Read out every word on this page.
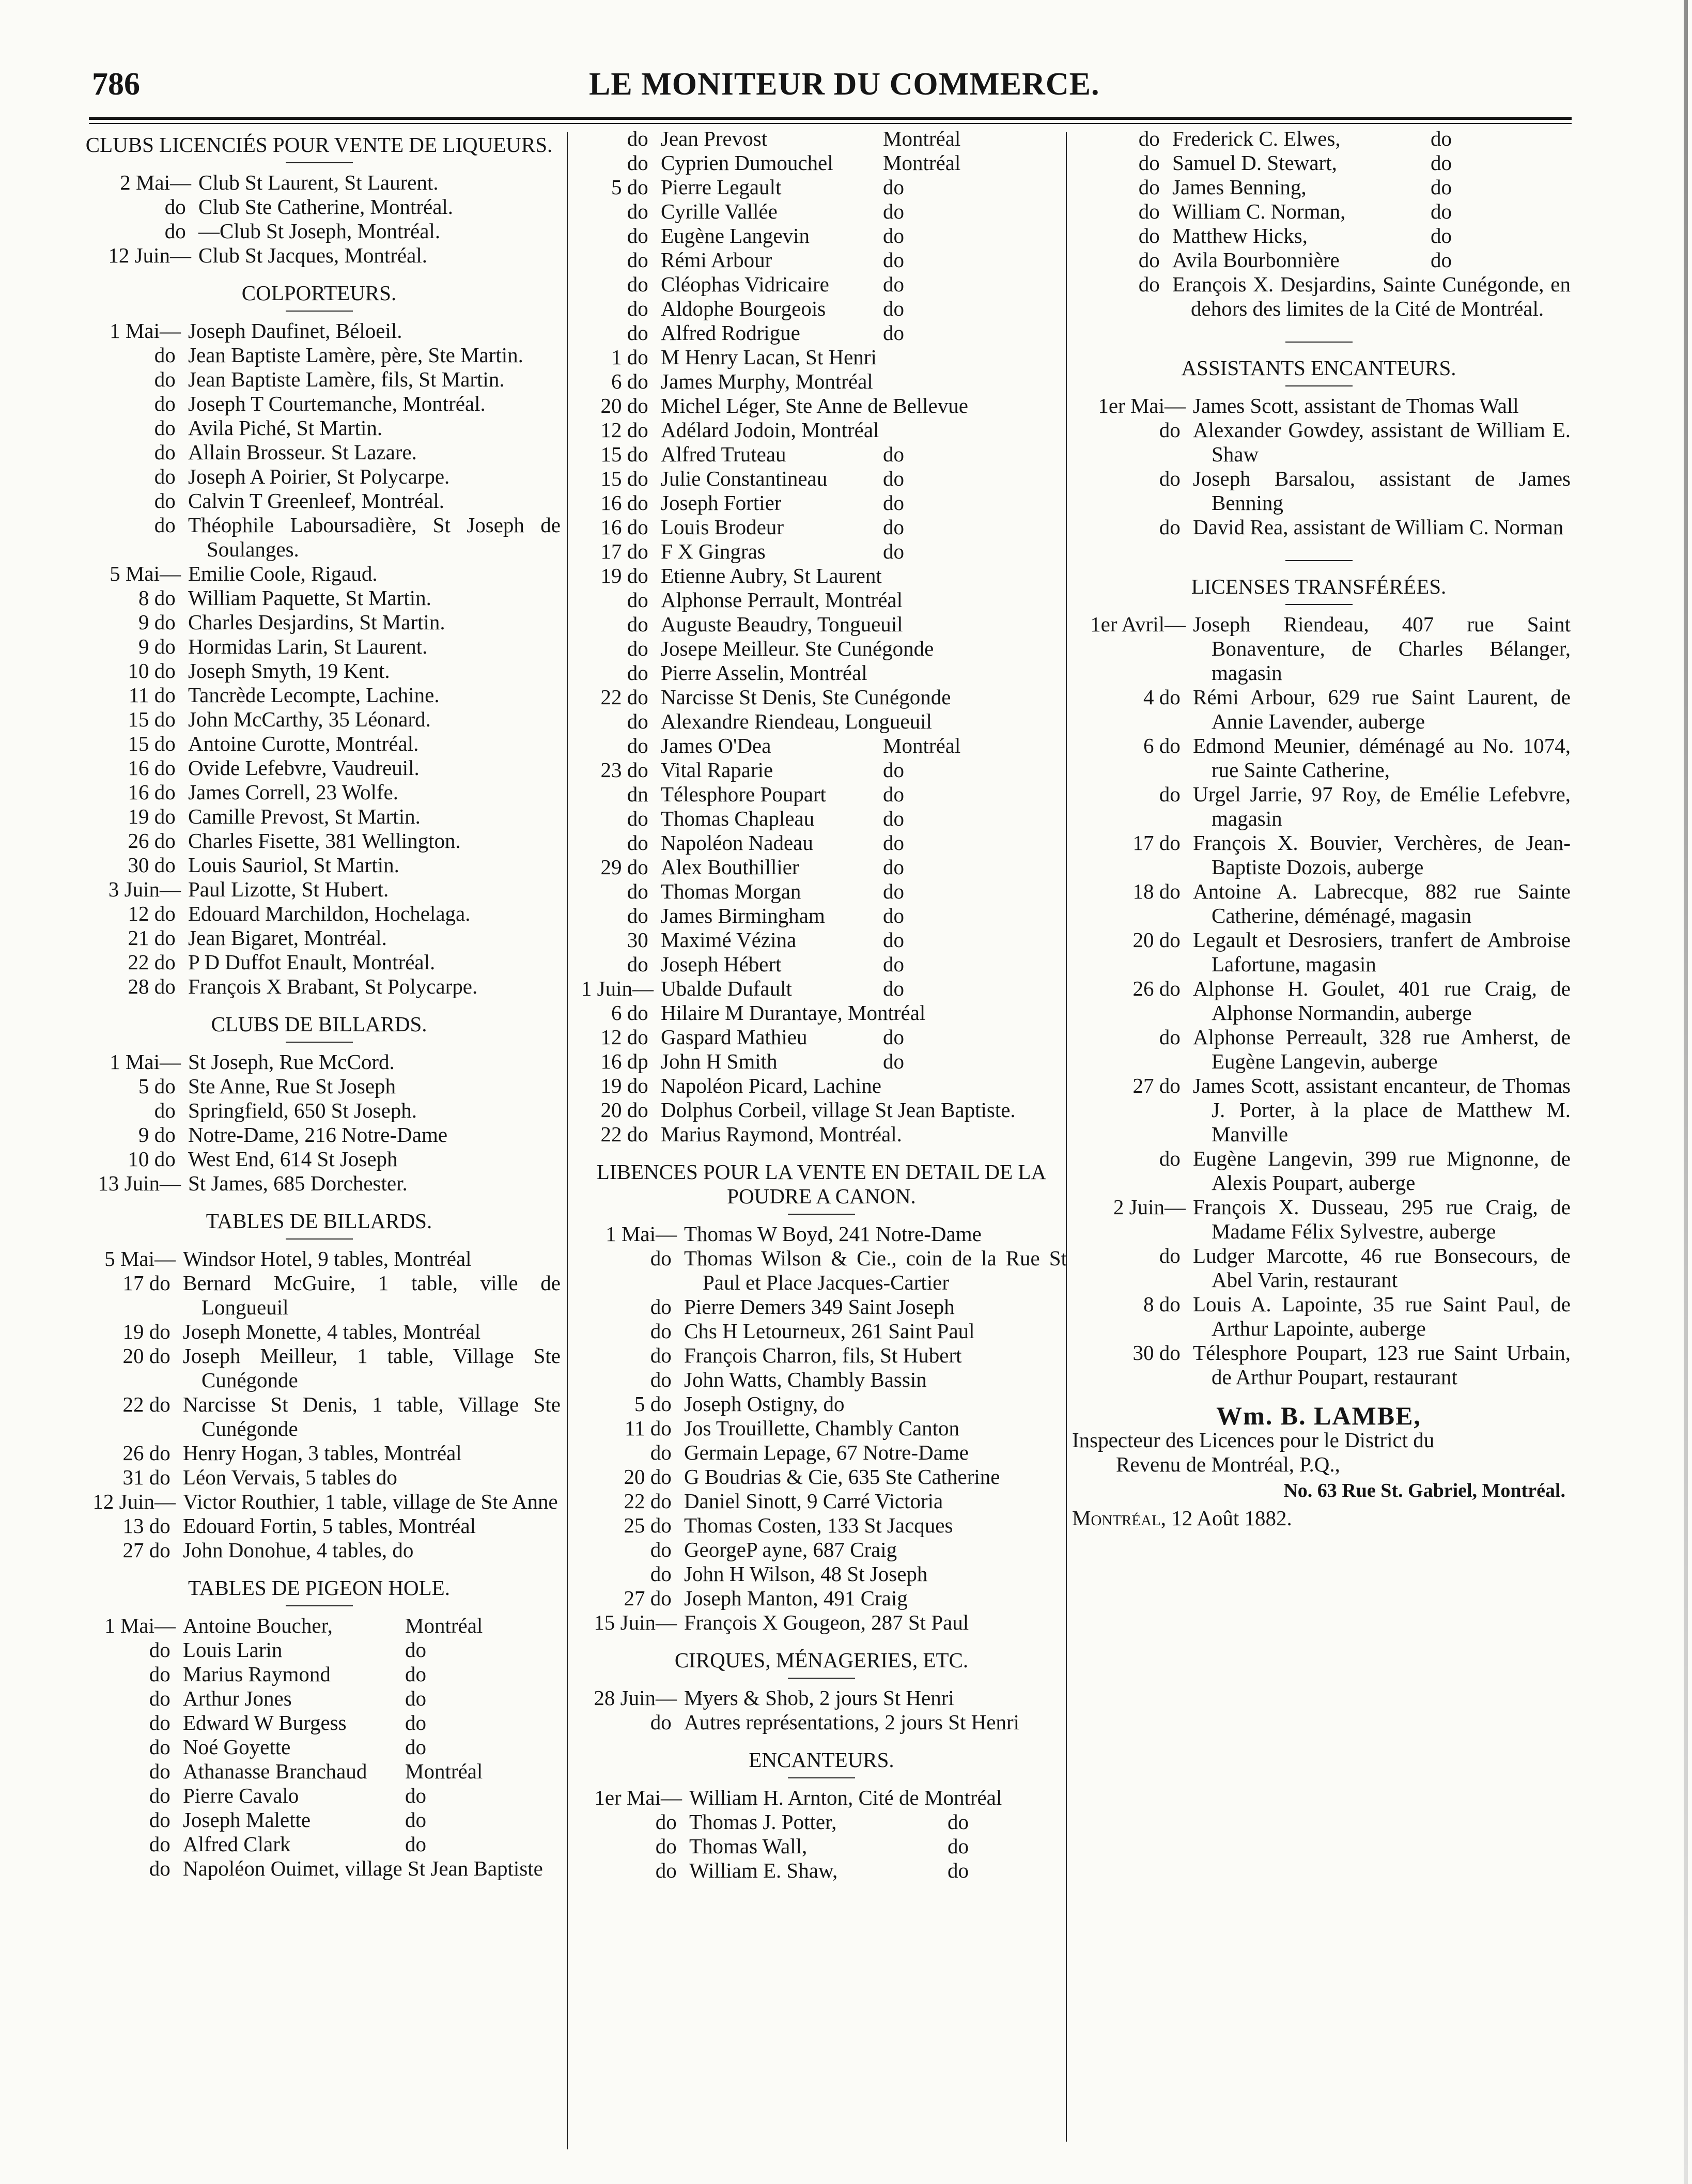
786	LE MONITEUR DU COMMERCE.
CLUBS LICENCIÉS POUR VENTE DE LIQUEURS.
2 Mai— Club St Laurent, St Laurent.
do Club Ste Catherine, Montréal.
do —Club St Joseph, Montréal.
12 Juin— Club St Jacques, Montréal.
COLPORTEURS.
1 Mai— Joseph Daufinet, Béloeil.
do Jean Baptiste Lamère, père, Ste Martin.
do Jean Baptiste Lamère, fils, St Martin.
do Joseph T Courtemanche, Montréal.
do Avila Piché, St Martin.
do Allain Brosseur. St Lazare.
do Joseph A Poirier, St Polycarpe.
do Calvin T Greenleef, Montréal.
do Théophile Laboursadière, St Joseph de Soulanges.
5 Mai— Emilie Coole, Rigaud.
8 do William Paquette, St Martin.
9 do Charles Desjardins, St Martin.
9 do Hormidas Larin, St Laurent.
10 do Joseph Smyth, 19 Kent.
11 do Tancrède Lecompte, Lachine.
15 do John McCarthy, 35 Léonard.
15 do Antoine Curotte, Montréal.
16 do Ovide Lefebvre, Vaudreuil.
16 do James Correll, 23 Wolfe.
19 do Camille Prevost, St Martin.
26 do Charles Fisette, 381 Wellington.
30 do Louis Sauriol, St Martin.
3 Juin— Paul Lizotte, St Hubert.
12 do Edouard Marchildon, Hochelaga.
21 do Jean Bigaret, Montréal.
22 do P D Duffot Enault, Montréal.
28 do François X Brabant, St Polycarpe.
CLUBS DE BILLARDS.
1 Mai— St Joseph, Rue McCord.
5 do Ste Anne, Rue St Joseph
do Springfield, 650 St Joseph.
9 do Notre-Dame, 216 Notre-Dame
10 do West End, 614 St Joseph
13 Juin— St James, 685 Dorchester.
TABLES DE BILLARDS.
5 Mai— Windsor Hotel, 9 tables, Montréal
17 do Bernard McGuire, 1 table, ville de Longueuil
19 do Joseph Monette, 4 tables, Montréal
20 do Joseph Meilleur, 1 table, Village Ste Cunégonde
22 do Narcisse St Denis, 1 table, Village Ste Cunégonde
26 do Henry Hogan, 3 tables, Montréal
31 do Léon Vervais, 5 tables do
12 Juin— Victor Routhier, 1 table, village de Ste Anne
13 do Edouard Fortin, 5 tables, Montréal
27 do John Donohue, 4 tables, do
TABLES DE PIGEON HOLE.
1 Mai— Antoine Boucher,	Montréal
do Louis Larin	do
do Marius Raymond	do
do Arthur Jones	do
do Edward W Burgess	do
do Noé Goyette	do
do Athanasse Branchaud	Montréal
do Pierre Cavalo	do
do Joseph Malette	do
do Alfred Clark	do
do Napoléon Ouimet, village St Jean Baptiste
do Jean Prevost	Montréal
do Cyprien Dumouchel	Montréal
5 do Pierre Legault	do
do Cyrille Vallée	do
do Eugène Langevin	do
do Rémi Arbour	do
do Cléophas Vidricaire	do
do Aldophe Bourgeois	do
do Alfred Rodrigue	do
1 do M Henry Lacan, St Henri
6 do James Murphy, Montréal
20 do Michel Léger, Ste Anne de Bellevue
12 do Adélard Jodoin, Montréal
15 do Alfred Truteau	do
15 do Julie Constantineau	do
16 do Joseph Fortier	do
16 do Louis Brodeur	do
17 do F X Gingras	do
19 do Etienne Aubry, St Laurent
do Alphonse Perrault, Montréal
do Auguste Beaudry, Tongueuil
do Josepe Meilleur. Ste Cunégonde
do Pierre Asselin, Montréal
22 do Narcisse St Denis, Ste Cunégonde
do Alexandre Riendeau, Longueuil
do James O'Dea	Montréal
23 do Vital Raparie	do
dn Télesphore Poupart	do
do Thomas Chapleau	do
do Napoléon Nadeau	do
29 do Alex Bouthillier	do
do Thomas Morgan	do
do James Birmingham	do
30 Maximé Vézina	do
do Joseph Hébert	do
1 Juin— Ubalde Dufault	do
6 do Hilaire M Durantaye, Montréal
12 do Gaspard Mathieu	do
16 dp John H Smith	do
19 do Napoléon Picard, Lachine
20 do Dolphus Corbeil, village St Jean Baptiste.
22 do Marius Raymond, Montréal.
LIBENCES POUR LA VENTE EN DETAIL DE LA POUDRE A CANON.
1 Mai— Thomas W Boyd, 241 Notre-Dame
do Thomas Wilson & Cie., coin de la Rue St Paul et Place Jacques-Cartier
do Pierre Demers 349 Saint Joseph
do Chs H Letourneux, 261 Saint Paul
do François Charron, fils, St Hubert
do John Watts, Chambly Bassin
5 do Joseph Ostigny, do
11 do Jos Trouillette, Chambly Canton
do Germain Lepage, 67 Notre-Dame
20 do G Boudrias & Cie, 635 Ste Catherine
22 do Daniel Sinott, 9 Carré Victoria
25 do Thomas Costen, 133 St Jacques
do GeorgeP ayne, 687 Craig
do John H Wilson, 48 St Joseph
27 do Joseph Manton, 491 Craig
15 Juin— François X Gougeon, 287 St Paul
CIRQUES, MÉNAGERIES, ETC.
28 Juin— Myers & Shob, 2 jours St Henri
do Autres représentations, 2 jours St Henri
ENCANTEURS.
1er Mai— William H. Arnton, Cité de Montréal
do Thomas J. Potter,	do
do Thomas Wall,	do
do William E. Shaw,	do
do Frederick C. Elwes,	do
do Samuel D. Stewart,	do
do James Benning,	do
do William C. Norman,	do
do Matthew Hicks,	do
do Avila Bourbonnière	do
do Erançois X. Desjardins, Sainte Cunégonde, en dehors des limites de la Cité de Montréal.
ASSISTANTS ENCANTEURS.
1er Mai— James Scott, assistant de Thomas Wall
do Alexander Gowdey, assistant de William E. Shaw
do Joseph Barsalou, assistant de James Benning
do David Rea, assistant de William C. Norman
LICENSES TRANSFÉRÉES.
1er Avril— Joseph Riendeau, 407 rue Saint Bonaventure, de Charles Bélanger, magasin
4 do Rémi Arbour, 629 rue Saint Laurent, de Annie Lavender, auberge
6 do Edmond Meunier, déménagé au No. 1074, rue Sainte Catherine,
do Urgel Jarrie, 97 Roy, de Emélie Lefebvre, magasin
17 do François X. Bouvier, Verchères, de Jean-Baptiste Dozois, auberge
18 do Antoine A. Labrecque, 882 rue Sainte Catherine, déménagé, magasin
20 do Legault et Desrosiers, tranfert de Ambroise Lafortune, magasin
26 do Alphonse H. Goulet, 401 rue Craig, de Alphonse Normandin, auberge
do Alphonse Perreault, 328 rue Amherst, de Eugène Langevin, auberge
27 do James Scott, assistant encanteur, de Thomas J. Porter, à la place de Matthew M. Manville
do Eugène Langevin, 399 rue Mignonne, de Alexis Poupart, auberge
2 Juin— François X. Dusseau, 295 rue Craig, de Madame Félix Sylvestre, auberge
do Ludger Marcotte, 46 rue Bonsecours, de Abel Varin, restaurant
8 do Louis A. Lapointe, 35 rue Saint Paul, de Arthur Lapointe, auberge
30 do Télesphore Poupart, 123 rue Saint Urbain, de Arthur Poupart, restaurant
Wm. B. LAMBE,
Inspecteur des Licences pour le District du
Revenu de Montréal, P.Q.,
No. 63 Rue St. Gabriel, Montréal.
Montréal, 12 Août 1882.
